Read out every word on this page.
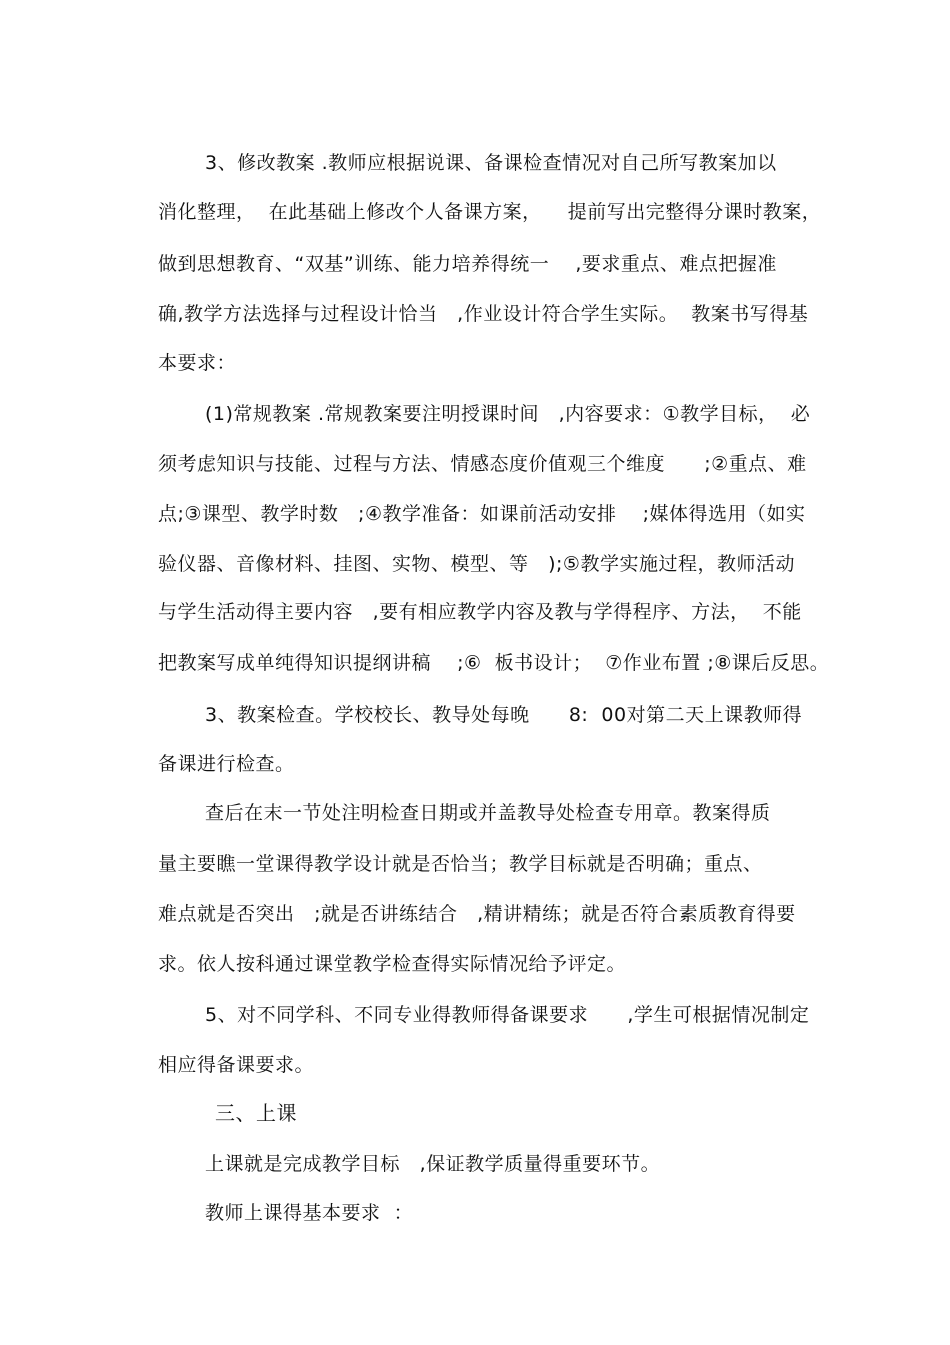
3、修改教案 .教师应根据说课、备课检查情况对自己所写教案加以
消化整理，  在此基础上修改个人备课方案，    提前写出完整得分课时教案，
做到思想教育、“双基”训练、能力培养得统一    ,要求重点、难点把握准
确,教学方法选择与过程设计恰当   ,作业设计符合学生实际。  教案书写得基
本要求：
(1)常规教案 .常规教案要注明授课时间   ,内容要求：①教学目标，  必
须考虑知识与技能、过程与方法、情感态度价值观三个维度      ;②重点、难
点;③课型、教学时数   ;④教学准备：如课前活动安排    ;媒体得选用（如实
验仪器、音像材料、挂图、实物、模型、等   );⑤教学实施过程，教师活动
与学生活动得主要内容   ,要有相应教学内容及教与学得程序、方法，  不能
把教案写成单纯得知识提纲讲稿    ;⑥  板书设计；  ⑦作业布置 ;⑧课后反思。
3、教案检查。学校校长、教导处每晚      8:  00对第二天上课教师得
备课进行检查。
查后在末一节处注明检查日期或并盖教导处检查专用章。教案得质
量主要瞧一堂课得教学设计就是否恰当；教学目标就是否明确；重点、
难点就是否突出   ;就是否讲练结合   ,精讲精练；就是否符合素质教育得要
求。依人按科通过课堂教学检查得实际情况给予评定。
5、对不同学科、不同专业得教师得备课要求      ,学生可根据情况制定
相应得备课要求。
三、上课
上课就是完成教学目标   ,保证教学质量得重要环节。
教师上课得基本要求  ：
